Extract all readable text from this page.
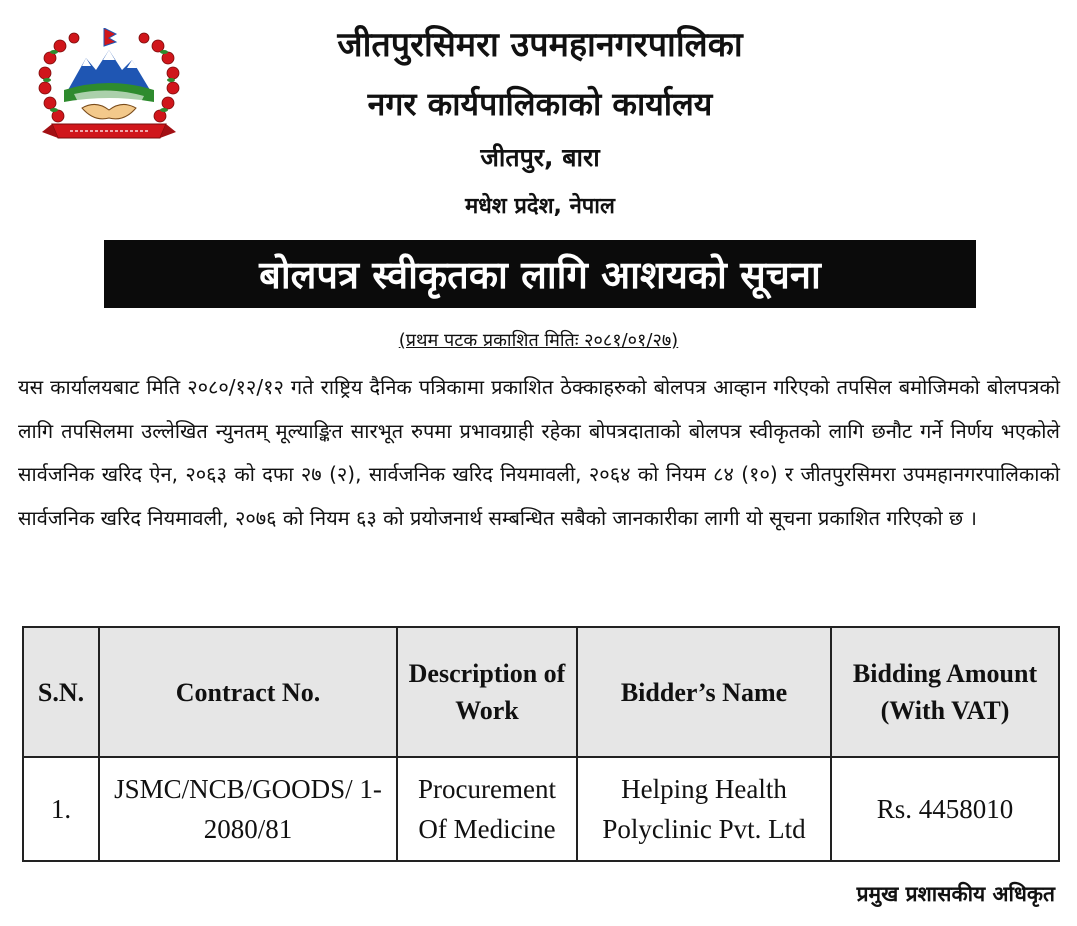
जीतपुरसिमरा उपमहानगरपालिका
नगर कार्यपालिकाको कार्यालय
जीतपुर, बारा
मधेश प्रदेश, नेपाल
बोलपत्र स्वीकृतका लागि आशयको सूचना
(प्रथम पटक प्रकाशित मितिः २०८१/०१/२७)
यस कार्यालयबाट मिति २०८०/१२/१२ गते राष्ट्रिय दैनिक पत्रिकामा प्रकाशित ठेक्काहरुको बोलपत्र आव्हान गरिएको तपसिल बमोजिमको बोलपत्रको लागि तपसिलमा उल्लेखित न्युनतम् मूल्याङ्कित सारभूत रुपमा प्रभावग्राही रहेका बोपत्रदाताको बोलपत्र स्वीकृतको लागि छनौट गर्ने निर्णय भएकोले सार्वजनिक खरिद ऐन, २०६३ को दफा २७ (२), सार्वजनिक खरिद नियमावली, २०६४ को नियम ८४ (१०) र जीतपुरसिमरा उपमहानगरपालिकाको सार्वजनिक खरिद नियमावली, २०७६ को नियम ६३ को प्रयोजनार्थ सम्बन्धित सबैको जानकारीका लागी यो सूचना प्रकाशित गरिएको छ ।
S.N.	Contract No.	Description of Work	Bidder’s Name	Bidding Amount (With VAT)
1.	JSMC/NCB/GOODS/ 1-2080/81	Procurement Of Medicine	Helping Health Polyclinic Pvt. Ltd	Rs. 4458010
प्रमुख प्रशासकीय अधिकृत
